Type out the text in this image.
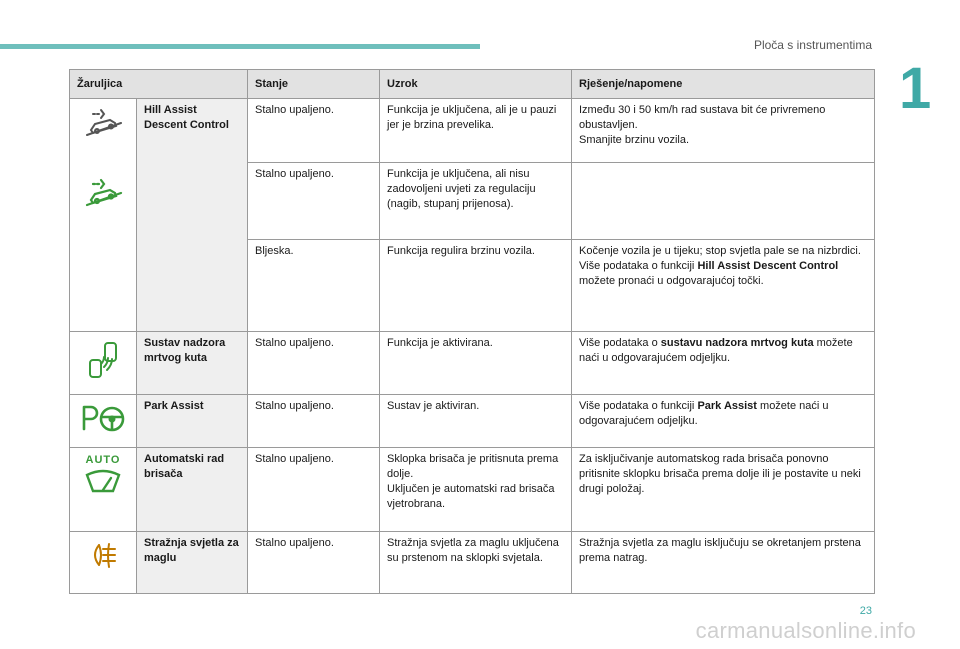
Ploča s instrumentima
1
Žaruljica		Stanje	Uzrok	Rješenje/napomene

	Hill Assist Descent Control	Stalno upaljeno.	Funkcija je uključena, ali je u pauzi jer je brzina prevelika.	Između 30 i 50 km/h rad sustava bit će privremeno obustavljen.
Smanjite brzinu vozila.

		Stalno upaljeno.	Funkcija je uključena, ali nisu zadovoljeni uvjeti za regulaciju (nagib, stupanj prijenosa).	
		Bljeska.	Funkcija regulira brzinu vozila.	Kočenje vozila je u tijeku; stop svjetla pale se na nizbrdici.
Više podataka o funkciji Hill Assist Descent Control možete pronaći u odgovarajućoj točki.

	Sustav nadzora mrtvog kuta	Stalno upaljeno.	Funkcija je aktivirana.	Više podataka o sustavu nadzora mrtvog kuta možete naći u odgovarajućem odjeljku.

	Park Assist	Stalno upaljeno.	Sustav je aktiviran.	Više podataka o funkciji Park Assist možete naći u odgovarajućem odjeljku.

AUTO	Automatski rad brisača	Stalno upaljeno.	Sklopka brisača je pritisnuta prema dolje.
Uključen je automatski rad brisača vjetrobrana.	Za isključivanje automatskog rada brisača ponovno pritisnite sklopku brisača prema dolje ili je postavite u neki drugi položaj.

	Stražnja svjetla za maglu	Stalno upaljeno.	Stražnja svjetla za maglu uključena su prstenom na sklopki svjetala.	Stražnja svjetla za maglu isključuju se okretanjem prstena prema natrag.
23
carmanualsonline.info
